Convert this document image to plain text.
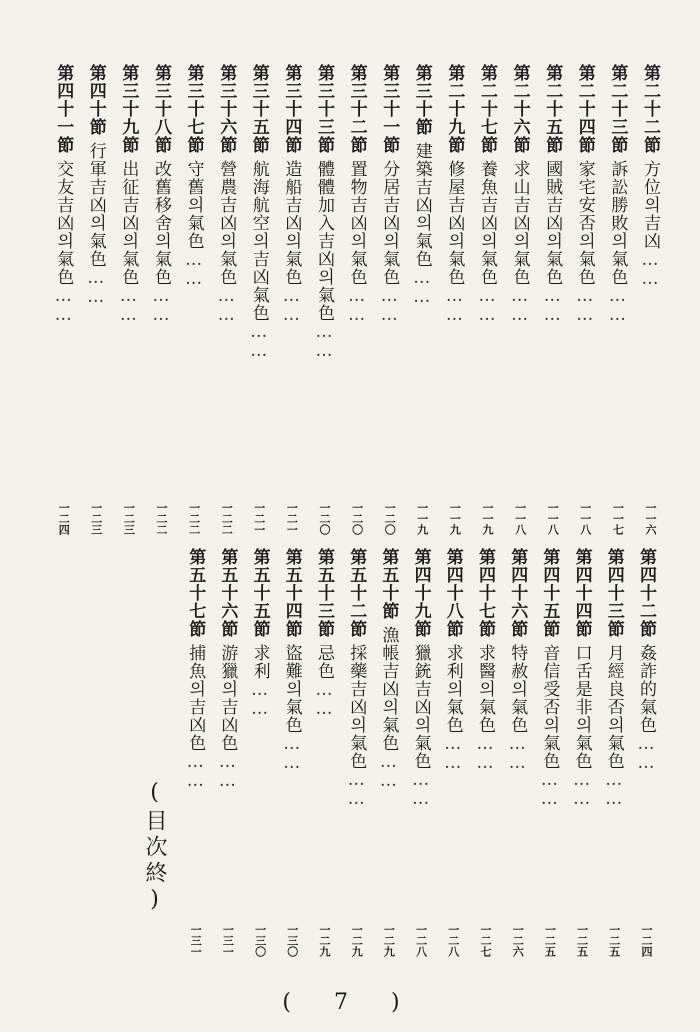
第二十二節方位의吉凶……
一一六
第二十三節訴訟勝敗의氣色……
一一七
第二十四節家宅安否의氣色……
一一八
第二十五節國賊吉凶의氣色……
一一八
第二十六節求山吉凶의氣色……
一一八
第二十七節養魚吉凶의氣色……
一一九
第二十九節修屋吉凶의氣色……
一一九
第三十節建築吉凶의氣色……
一一九
第三十一節分居吉凶의氣色……
一二〇
第三十二節置物吉凶의氣色……
一二〇
第三十三節體體加入吉凶의氣色……
一二〇
第三十四節造船吉凶의氣色……
一二一
第三十五節航海航空의吉凶氣色……
一二一
第三十六節營農吉凶의氣色……
一二二
第三十七節守舊의氣色……
一二二
第三十八節改舊移舍의氣色……
一二二
第三十九節出征吉凶의氣色……
一二三
第四十節行軍吉凶의氣色……
一二三
第四十一節交友吉凶의氣色……
一二四
第四十二節姦詐的氣色……
一二四
第四十三節月經良否의氣色……
一二五
第四十四節口舌是非의氣色……
一二五
第四十五節音信受否의氣色……
一二五
第四十六節特赦의氣色……
一二六
第四十七節求醫의氣色……
一二七
第四十八節求利의氣色……
一二八
第四十九節獵銃吉凶의氣色……
一二八
第五十節漁帳吉凶의氣色……
一二九
第五十二節採藥吉凶의氣色……
一二九
第五十三節忌色……
一二九
第五十四節盜難의氣色……
一三〇
第五十五節求利……
一三〇
第五十六節游獵의吉凶色……
一三一
第五十七節捕魚의吉凶色……
一三一
(目次終)
( 7 )
